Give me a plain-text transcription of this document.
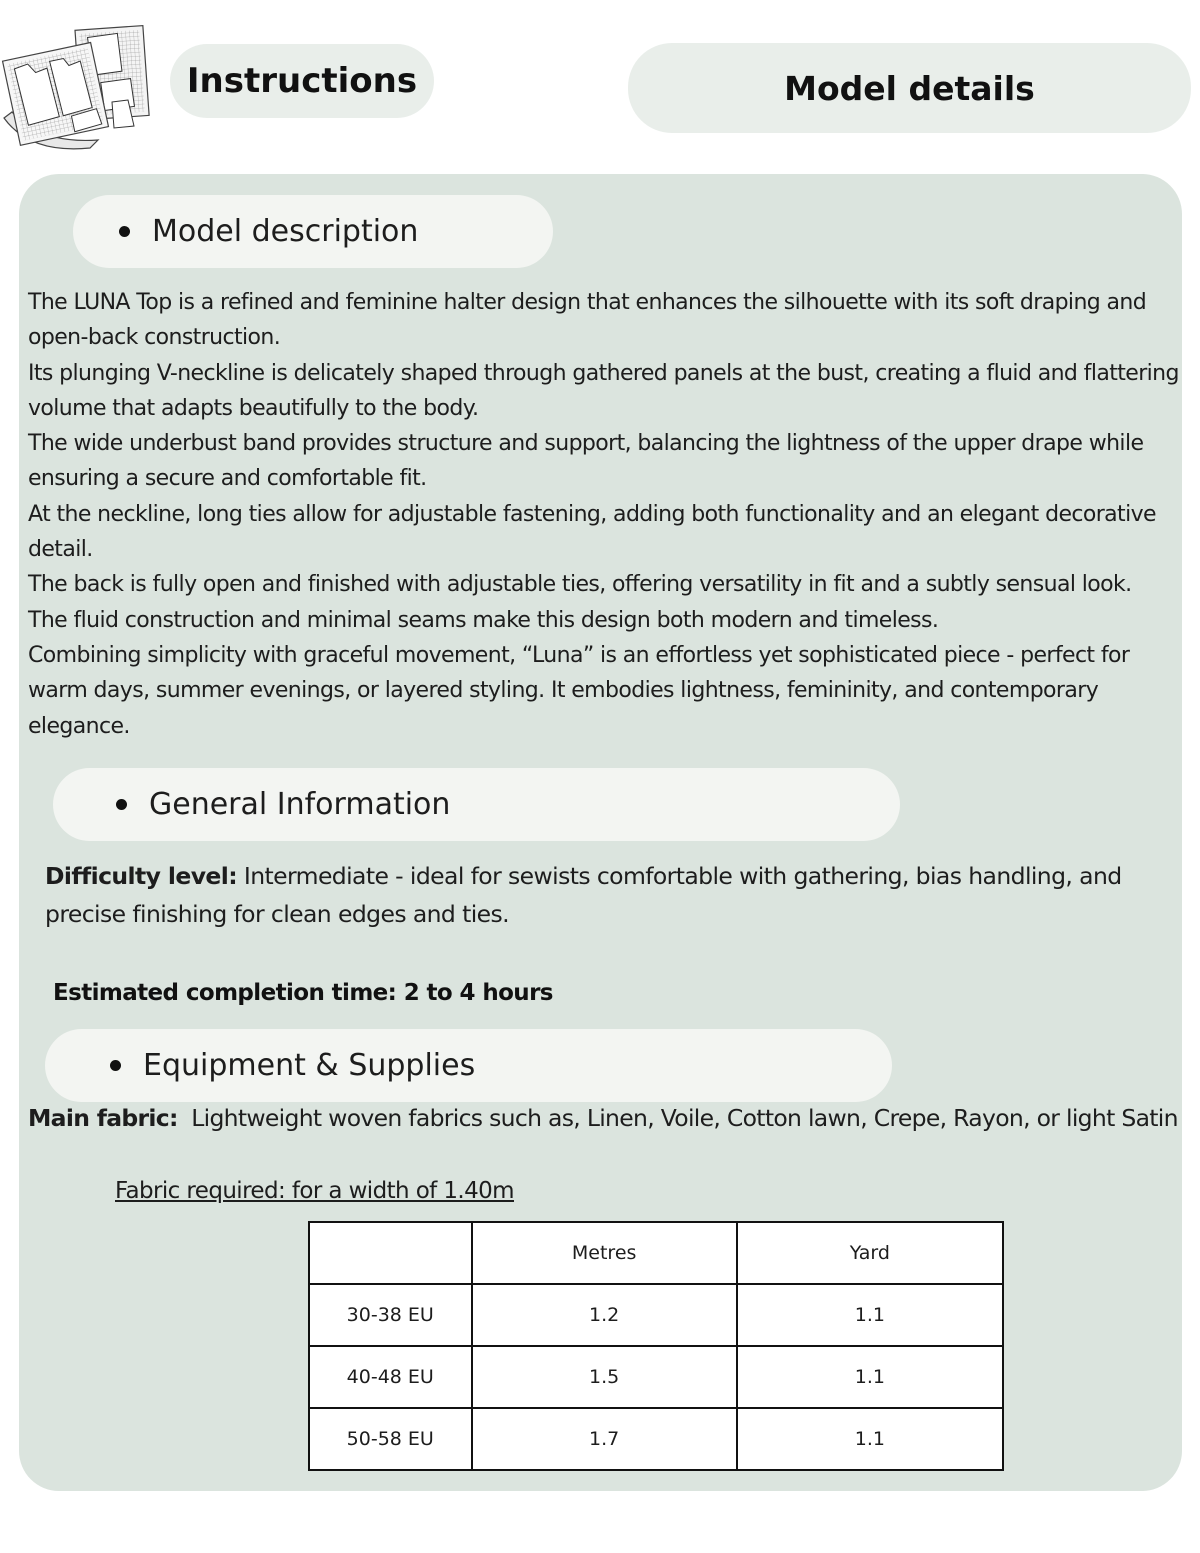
Instructions	Model details
Model description

The LUNA Top is a refined and feminine halter design that enhances the silhouette with its soft draping and open-back construction.

Its plunging V-neckline is delicately shaped through gathered panels at the bust, creating a fluid and flattering volume that adapts beautifully to the body.

The wide underbust band provides structure and support, balancing the lightness of the upper drape while ensuring a secure and comfortable fit.

At the neckline, long ties allow for adjustable fastening, adding both functionality and an elegant decorative detail.

The back is fully open and finished with adjustable ties, offering versatility in fit and a subtly sensual look.

The fluid construction and minimal seams make this design both modern and timeless.

Combining simplicity with graceful movement, “Luna” is an effortless yet sophisticated piece - perfect for warm days, summer evenings, or layered styling. It embodies lightness, femininity, and contemporary elegance.

General Information
Difficulty level: Intermediate - ideal for sewists comfortable with gathering, bias handling, and precise finishing for clean edges and ties.
Estimated completion time: 2 to 4 hours
Equipment & Supplies
Main fabric:  Lightweight woven fabrics such as, Linen, Voile, Cotton lawn, Crepe, Rayon, or light Satin
Fabric required: for a width of 1.40m
	Metres	Yard
30-38 EU	1.2	1.1
40-48 EU	1.5	1.1
50-58 EU	1.7	1.1
